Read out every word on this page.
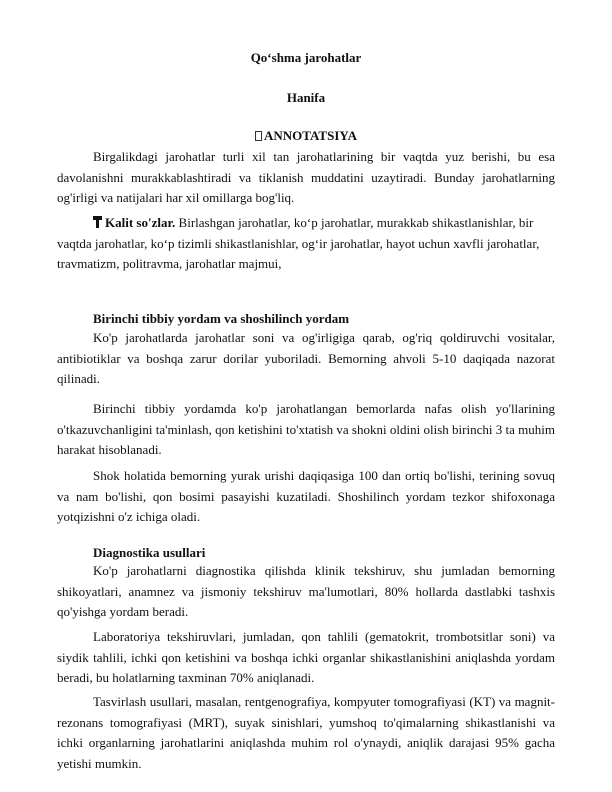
Qo‘shma jarohatlar
Hanifa
ANNOTATSIYA

Birgalikdagi jarohatlar turli xil tan jarohatlarining bir vaqtda yuz berishi, bu esa davolanishni murakkablashtiradi va tiklanish muddatini uzaytiradi. Bunday jarohatlarning og'irligi va natijalari har xil omillarga bog'liq.

Kalit so'zlar. Birlashgan jarohatlar, ko‘p jarohatlar, murakkab shikastlanishlar, bir vaqtda jarohatlar, ko‘p tizimli shikastlanishlar, og‘ir jarohatlar, hayot uchun xavfli jarohatlar, travmatizm, politravma, jarohatlar majmui,

Birinchi tibbiy yordam va shoshilinch yordam

Ko'p jarohatlarda jarohatlar soni va og'irligiga qarab, og'riq qoldiruvchi vositalar, antibiotiklar va boshqa zarur dorilar yuboriladi. Bemorning ahvoli 5-10 daqiqada nazorat qilinadi.

Birinchi tibbiy yordamda ko'p jarohatlangan bemorlarda nafas olish yo'llarining o'tkazuvchanligini ta'minlash, qon ketishini to'xtatish va shokni oldini olish birinchi 3 ta muhim harakat hisoblanadi.

Shok holatida bemorning yurak urishi daqiqasiga 100 dan ortiq bo'lishi, terining sovuq va nam bo'lishi, qon bosimi pasayishi kuzatiladi. Shoshilinch yordam tezkor shifoxonaga yotqizishni o'z ichiga oladi.

Diagnostika usullari

Ko'p jarohatlarni diagnostika qilishda klinik tekshiruv, shu jumladan bemorning shikoyatlari, anamnez va jismoniy tekshiruv ma'lumotlari, 80% hollarda dastlabki tashxis qo'yishga yordam beradi.

Laboratoriya tekshiruvlari, jumladan, qon tahlili (gematokrit, trombotsitlar soni) va siydik tahlili, ichki qon ketishini va boshqa ichki organlar shikastlanishini aniqlashda yordam beradi, bu holatlarning taxminan 70% aniqlanadi.

Tasvirlash usullari, masalan, rentgenografiya, kompyuter tomografiyasi (KT) va magnit-rezonans tomografiyasi (MRT), suyak sinishlari, yumshoq to'qimalarning shikastlanishi va ichki organlarning jarohatlarini aniqlashda muhim rol o'ynaydi, aniqlik darajasi 95% gacha yetishi mumkin.
